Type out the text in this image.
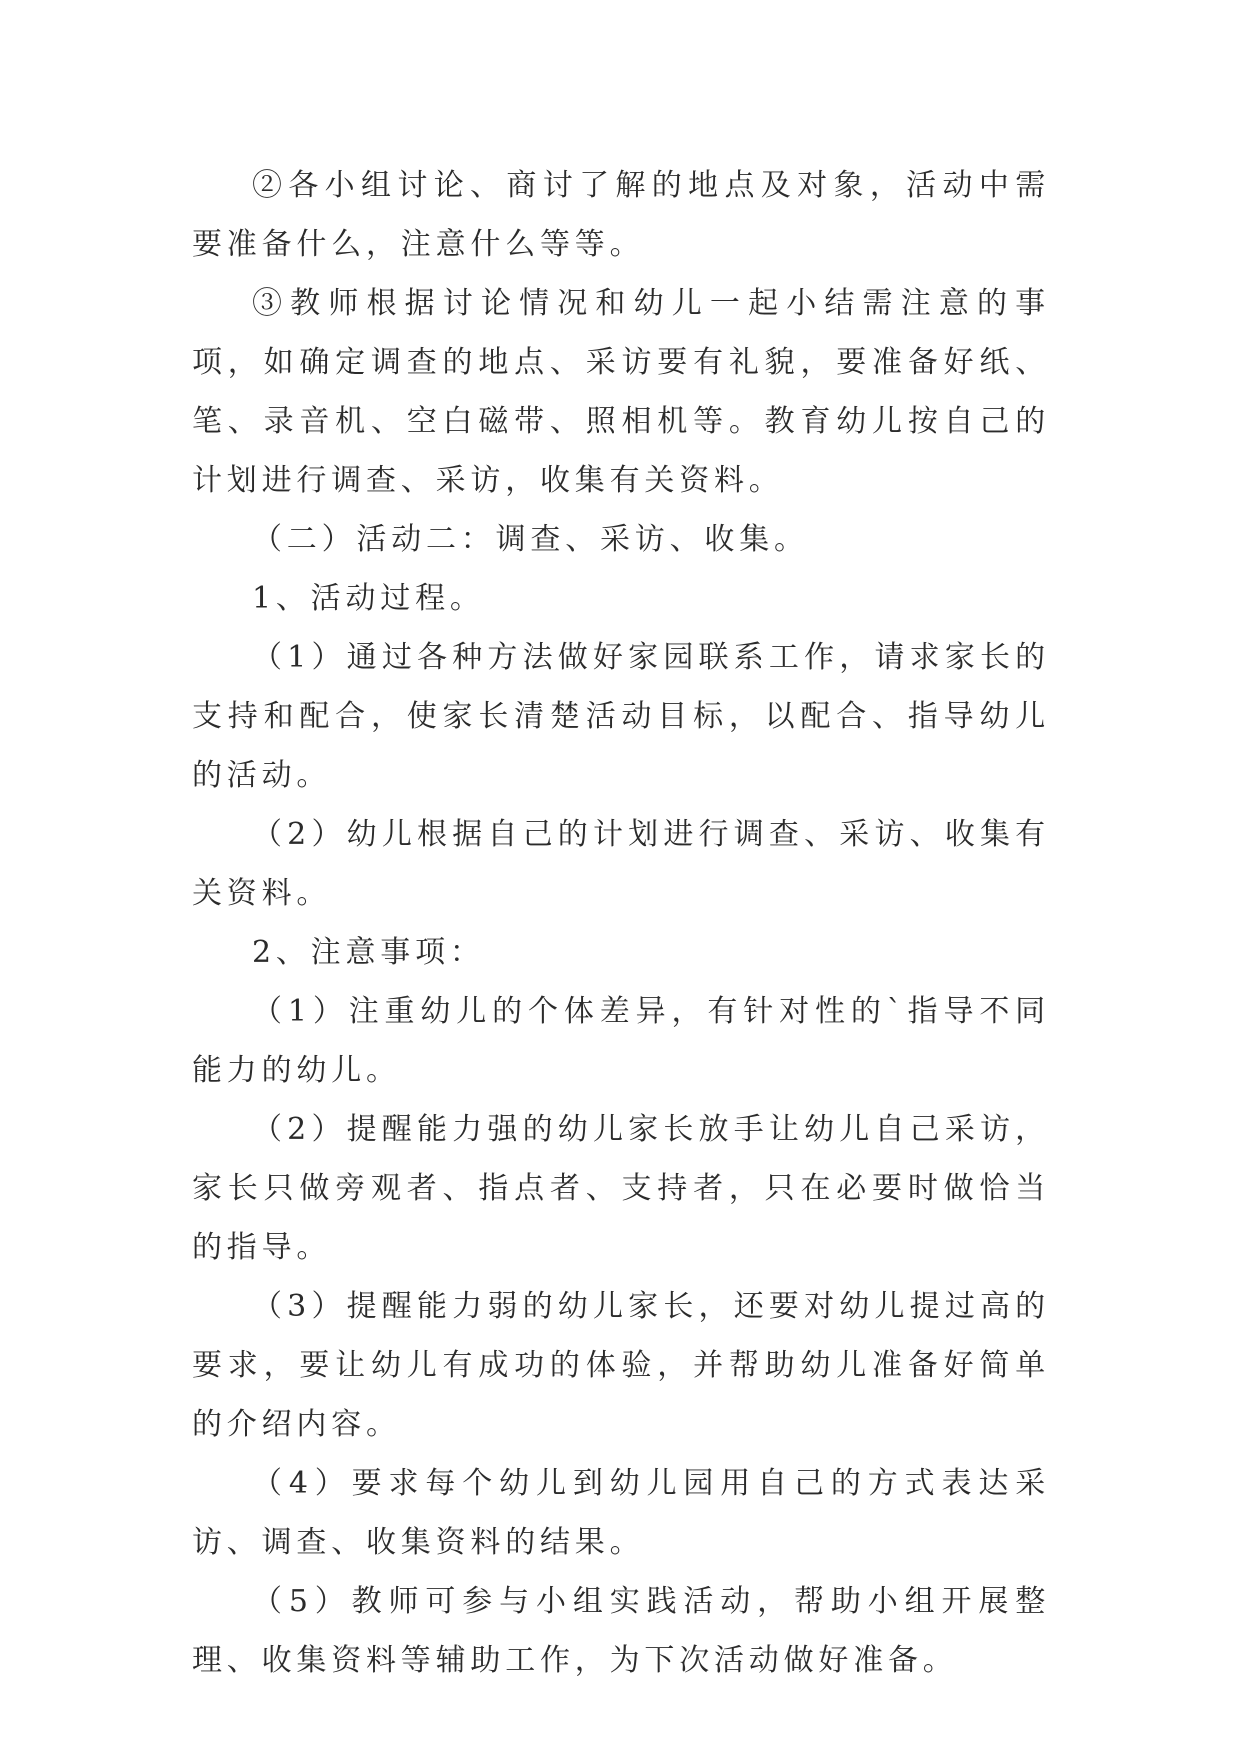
②各小组讨论、商讨了解的地点及对象，活动中需要准备什么，注意什么等等。

③教师根据讨论情况和幼儿一起小结需注意的事项，如确定调查的地点、采访要有礼貌，要准备好纸、笔、录音机、空白磁带、照相机等。教育幼儿按自己的计划进行调查、采访，收集有关资料。

（二）活动二：调查、采访、收集。

1、活动过程。

（1）通过各种方法做好家园联系工作，请求家长的支持和配合，使家长清楚活动目标，以配合、指导幼儿的活动。

（2）幼儿根据自己的计划进行调查、采访、收集有关资料。

2、注意事项：

（1）注重幼儿的个体差异，有针对性的`指导不同能力的幼儿。

（2）提醒能力强的幼儿家长放手让幼儿自己采访，家长只做旁观者、指点者、支持者，只在必要时做恰当的指导。

（3）提醒能力弱的幼儿家长，还要对幼儿提过高的要求，要让幼儿有成功的体验，并帮助幼儿准备好简单的介绍内容。

（4）要求每个幼儿到幼儿园用自己的方式表达采访、调查、收集资料的结果。

（5）教师可参与小组实践活动，帮助小组开展整理、收集资料等辅助工作，为下次活动做好准备。
